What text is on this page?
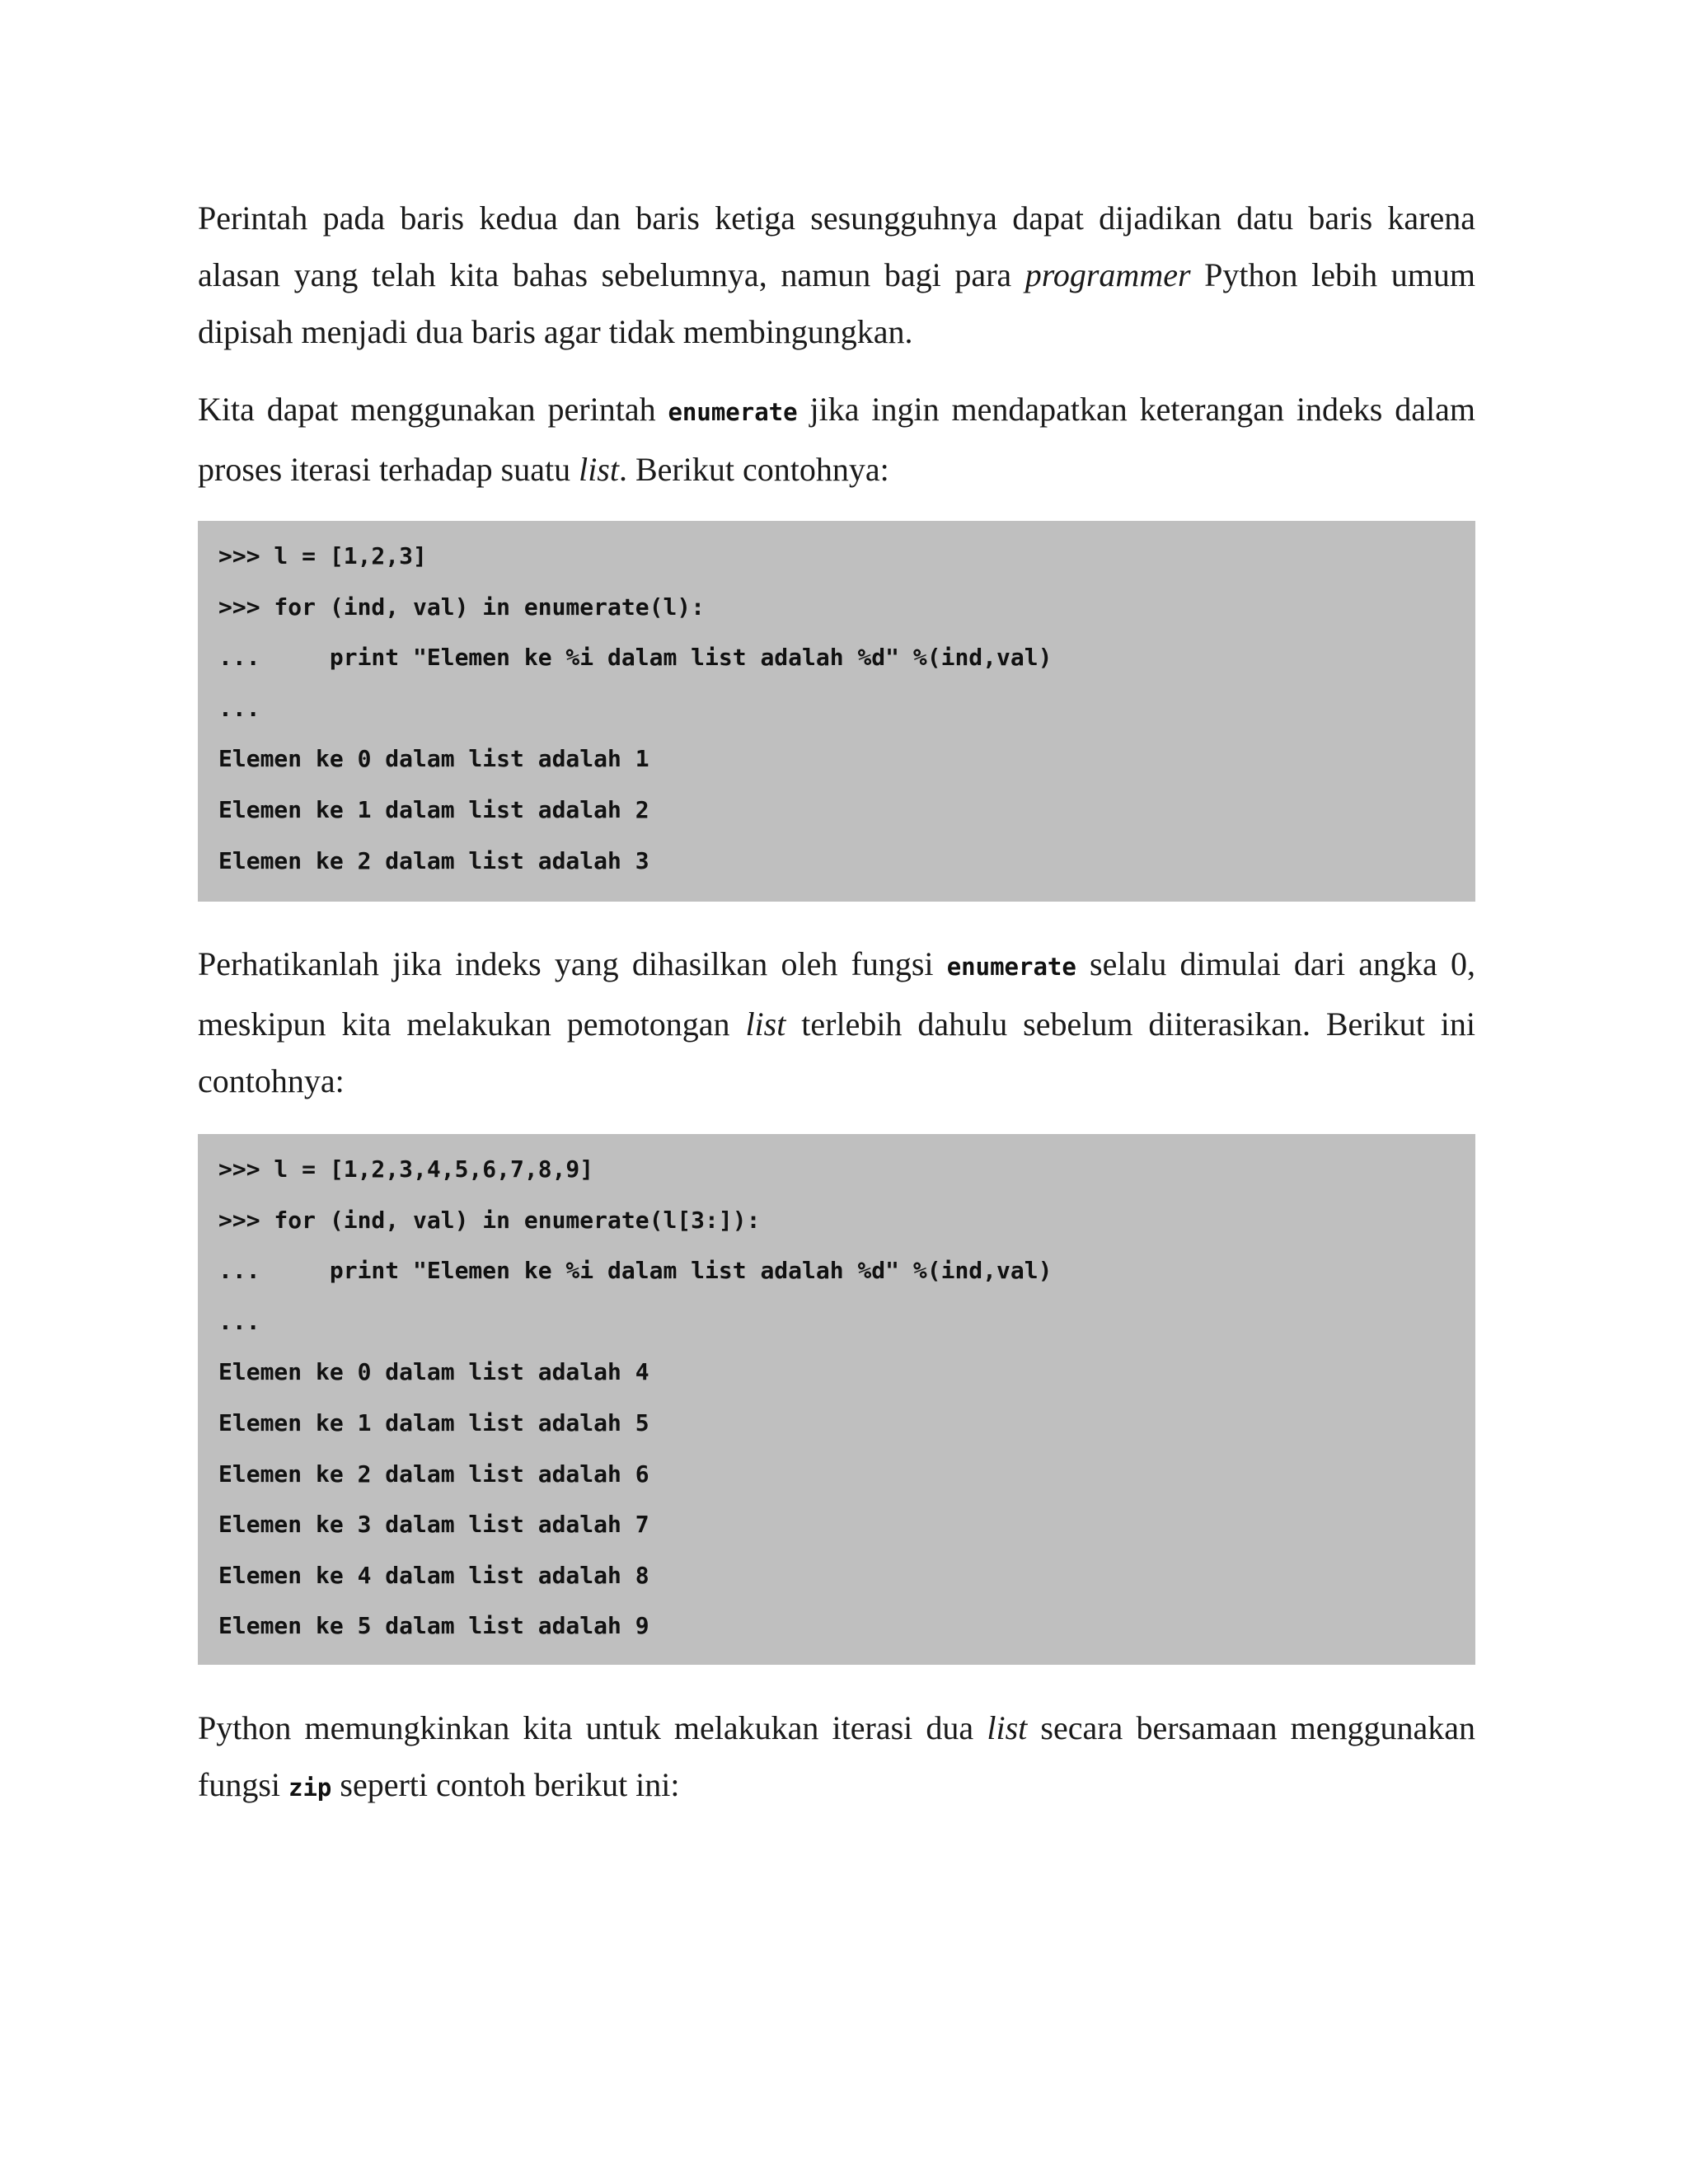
Perintah pada baris kedua dan baris ketiga sesungguhnya dapat dijadikan datu baris karena alasan yang telah kita bahas sebelumnya, namun bagi para programmer Python lebih umum dipisah menjadi dua baris agar tidak membingungkan.

Kita dapat menggunakan perintah enumerate jika ingin mendapatkan keterangan indeks dalam proses iterasi terhadap suatu list. Berikut contohnya:

>>> l = [1,2,3]
>>> for (ind, val) in enumerate(l):
...     print "Elemen ke %i dalam list adalah %d" %(ind,val)
...
Elemen ke 0 dalam list adalah 1
Elemen ke 1 dalam list adalah 2
Elemen ke 2 dalam list adalah 3

Perhatikanlah jika indeks yang dihasilkan oleh fungsi enumerate selalu dimulai dari angka 0, meskipun kita melakukan pemotongan list terlebih dahulu sebelum diiterasikan. Berikut ini contohnya:

>>> l = [1,2,3,4,5,6,7,8,9]
>>> for (ind, val) in enumerate(l[3:]):
...     print "Elemen ke %i dalam list adalah %d" %(ind,val)
...
Elemen ke 0 dalam list adalah 4
Elemen ke 1 dalam list adalah 5
Elemen ke 2 dalam list adalah 6
Elemen ke 3 dalam list adalah 7
Elemen ke 4 dalam list adalah 8
Elemen ke 5 dalam list adalah 9

Python memungkinkan kita untuk melakukan iterasi dua list secara bersamaan menggunakan fungsi zip seperti contoh berikut ini:
